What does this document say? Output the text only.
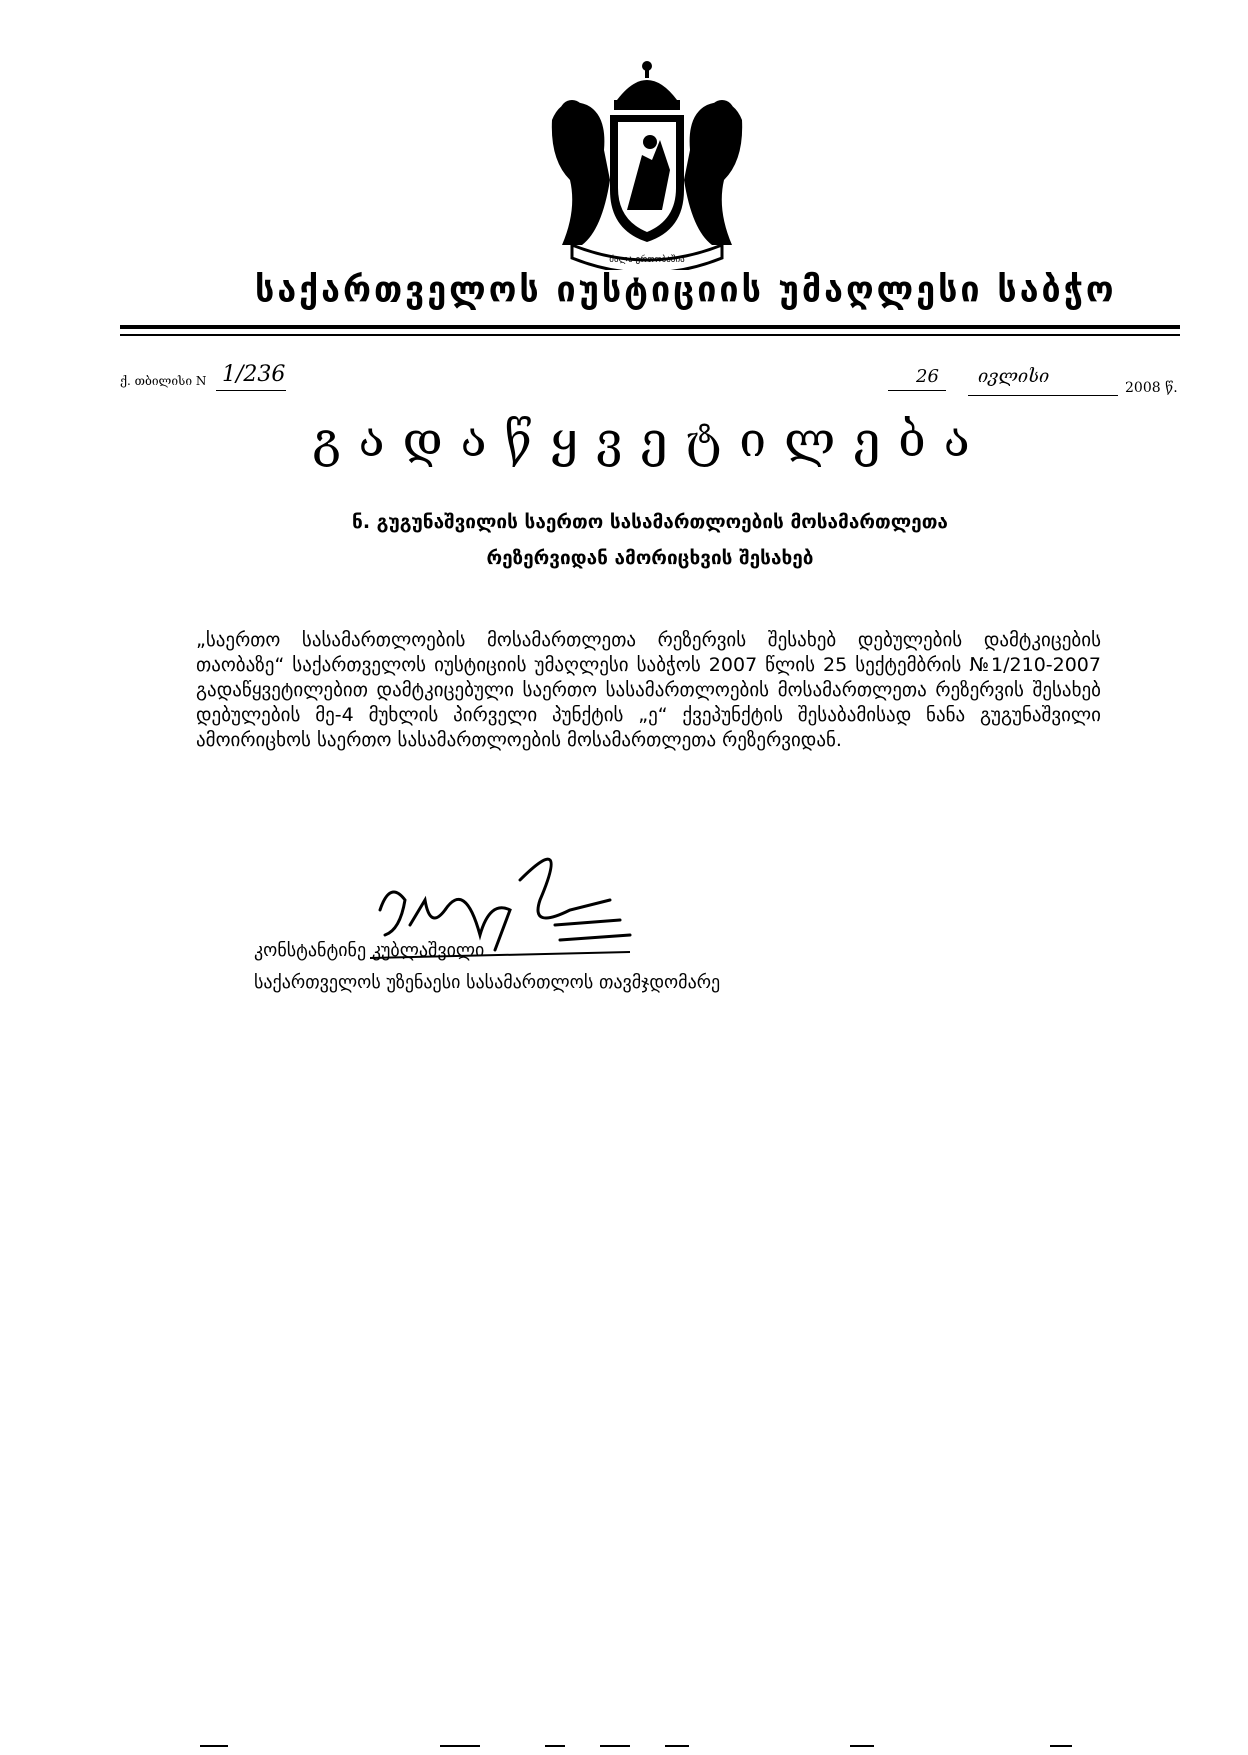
ძალა ერთობაშია
საქართველოს იუსტიციის უმაღლესი საბჭო
ქ. თბილისი N 1/236	26 ივლისი
2008 წ.
გადაწყვეტილება
ნ. გუგუნაშვილის საერთო სასამართლოების მოსამართლეთა
რეზერვიდან ამორიცხვის შესახებ
„საერთო სასამართლოების მოსამართლეთა რეზერვის შესახებ დებულების დამტკიცების თაობაზე“ საქართველოს იუსტიციის უმაღლესი საბჭოს 2007 წლის 25 სექტემბრის №1/210-2007 გადაწყვეტილებით დამტკიცებული საერთო სასამართლოების მოსამართლეთა რეზერვის შესახებ დებულების მე-4 მუხლის პირველი პუნქტის „ე“ ქვეპუნქტის შესაბამისად ნანა გუგუნაშვილი ამოირიცხოს საერთო სასამართლოების მოსამართლეთა რეზერვიდან.
კონსტანტინე კუბლაშვილი
საქართველოს უზენაესი სასამართლოს თავმჯდომარე
